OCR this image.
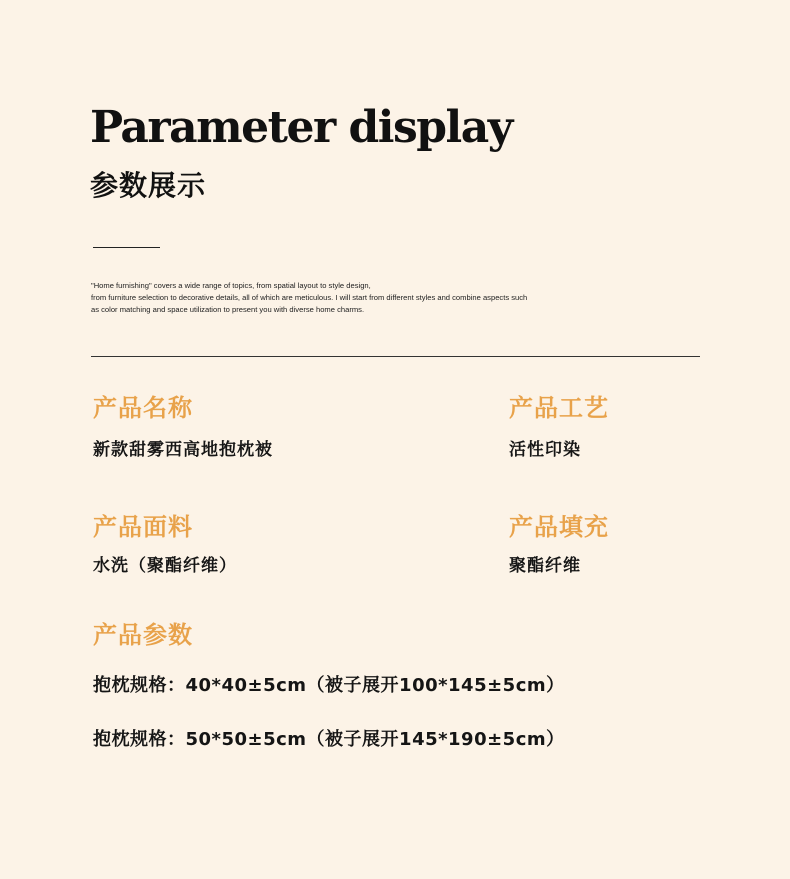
Parameter display
参数展示
"Home furnishing" covers a wide range of topics, from spatial layout to style design,
from furniture selection to decorative details, all of which are meticulous. I will start from different styles and combine aspects such
as color matching and space utilization to present you with diverse home charms.
产品名称
新款甜雾西高地抱枕被
产品工艺
活性印染
产品面料
水洗（聚酯纤维）
产品填充
聚酯纤维
产品参数
抱枕规格：40*40±5cm（被子展开100*145±5cm）
抱枕规格：50*50±5cm（被子展开145*190±5cm）
